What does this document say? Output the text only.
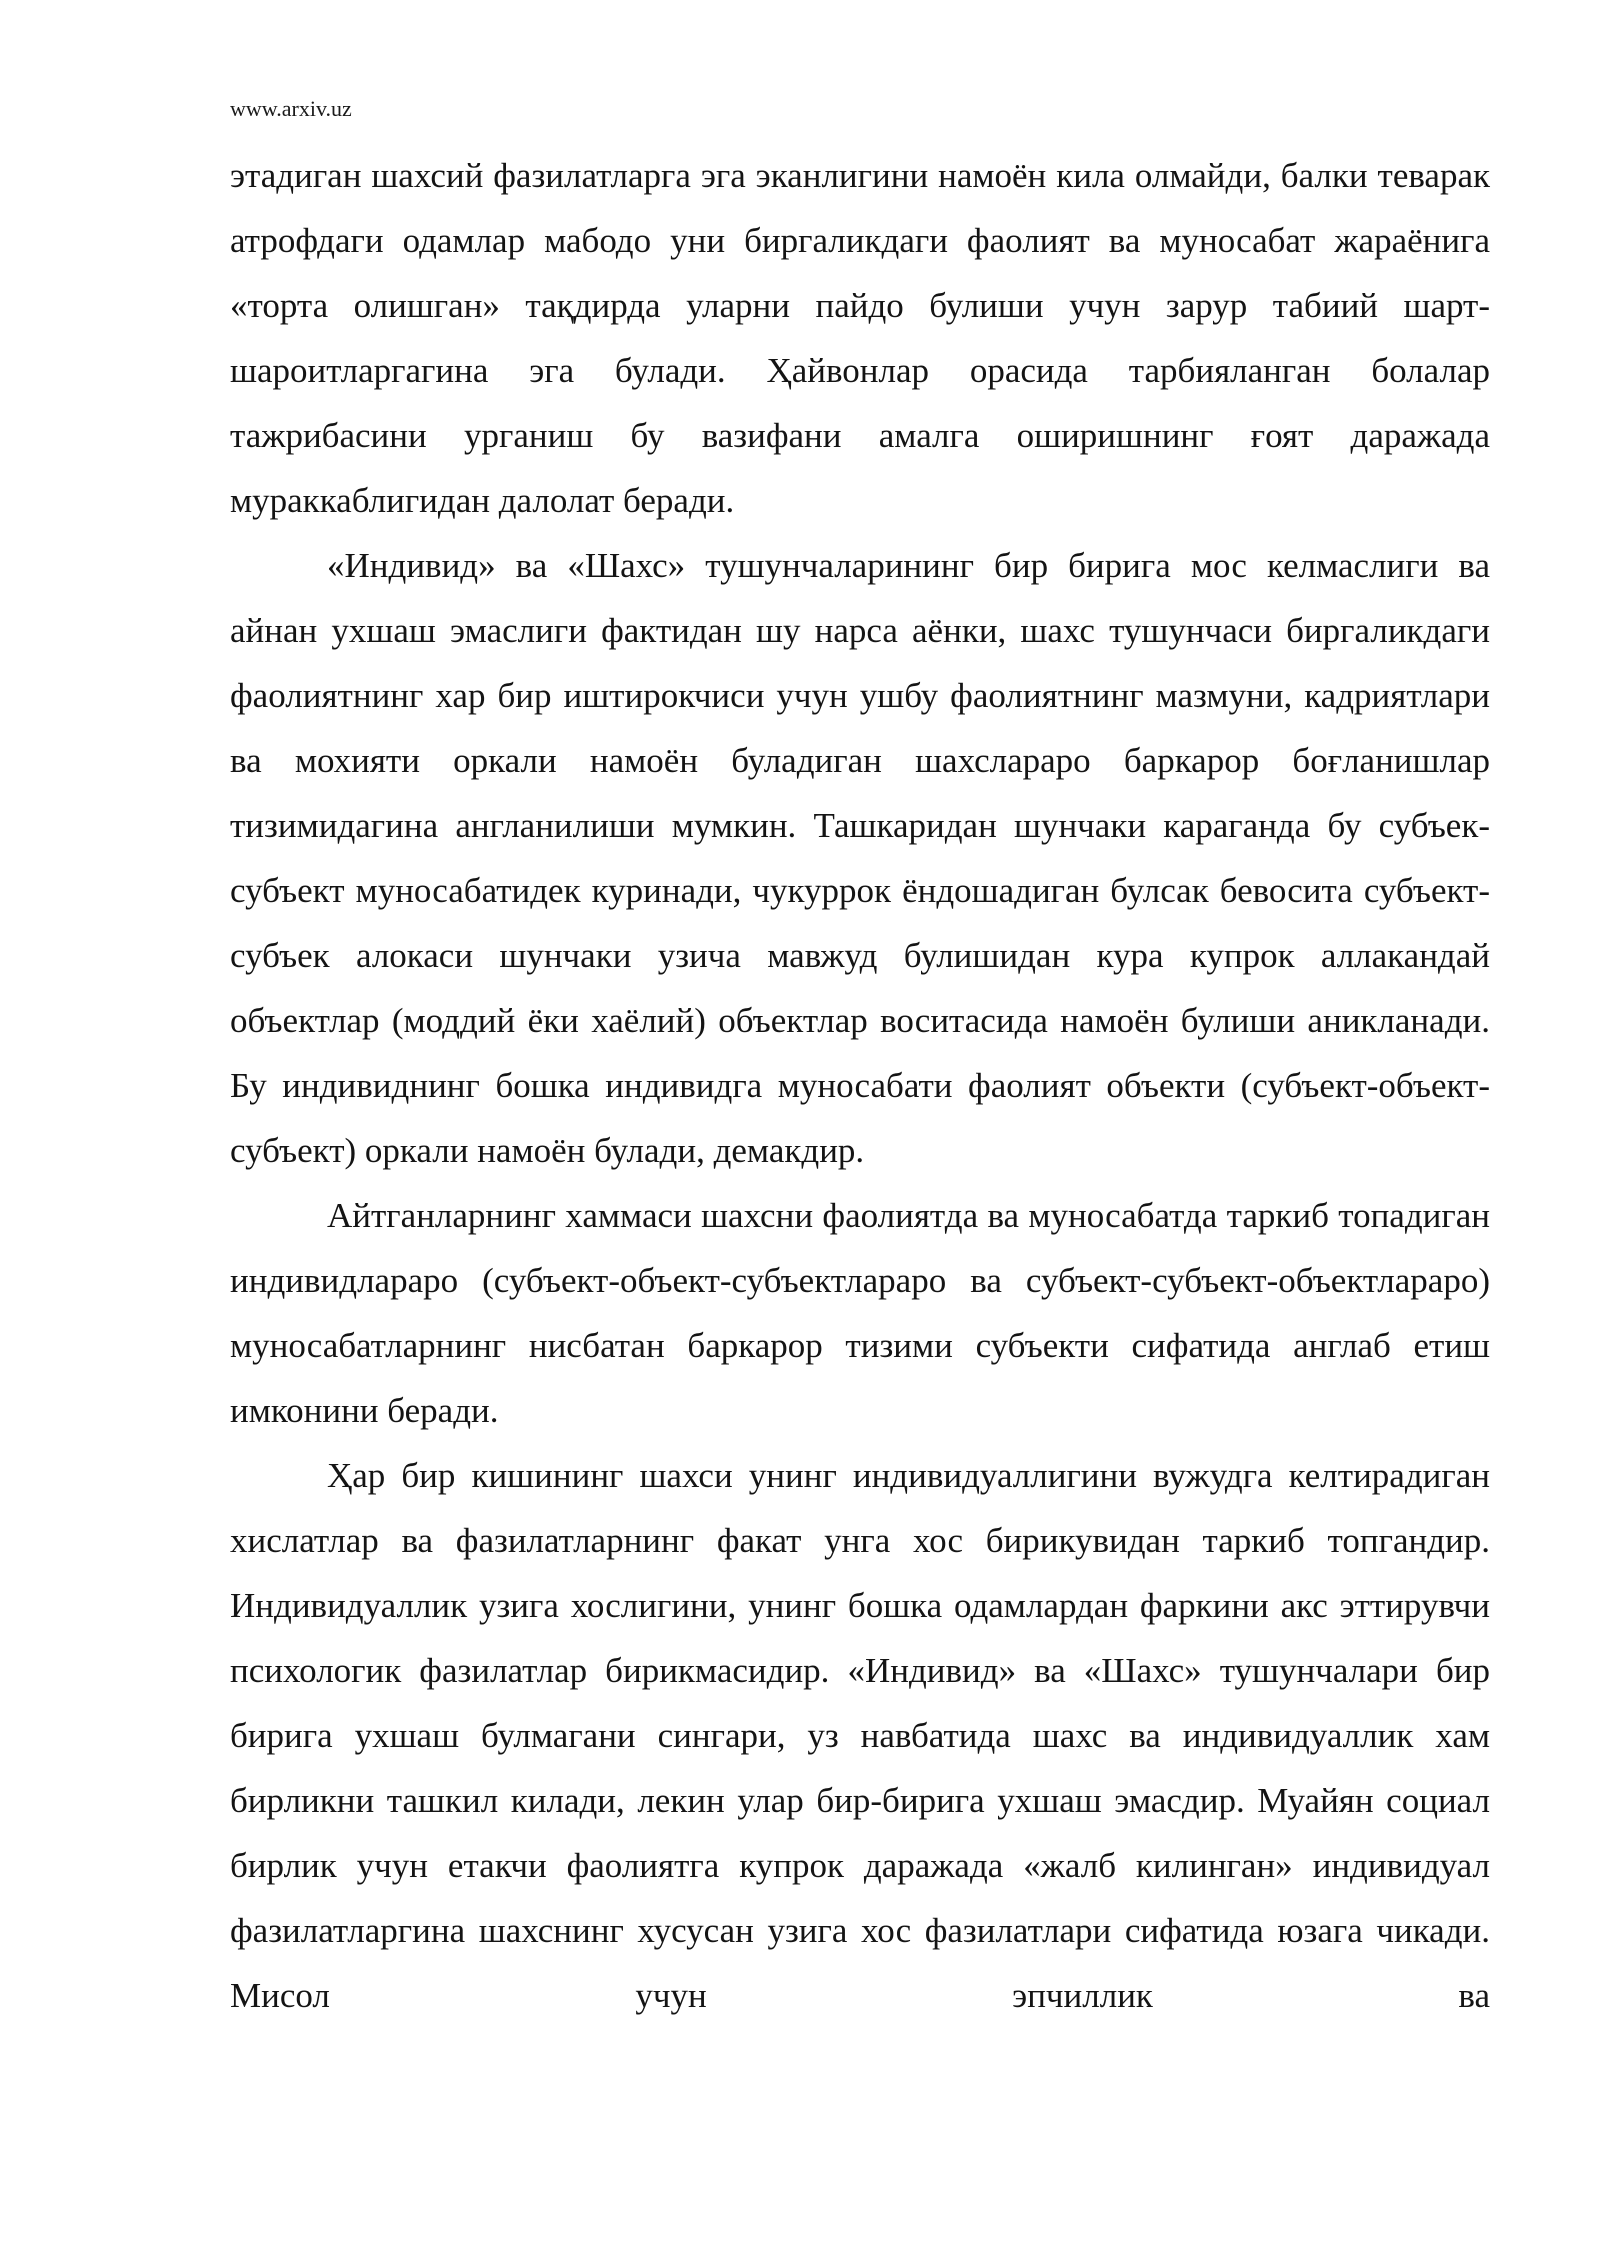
www.arxiv.uz

этадиган шахсий фазилатларга эга эканлигини намоён кила олмайди, балки теварак атрофдаги одамлар мабодо уни биргаликдаги фаолият ва муносабат жараёнига «торта олишган» тақдирда уларни пайдо булиши учун зарур табиий шарт-шароитларгагина эга булади. Ҳайвонлар орасида тарбияланган болалар тажрибасини урганиш бу вазифани амалга оширишнинг ғоят даражада мураккаблигидан далолат беради.

«Индивид» ва «Шахс» тушунчаларининг бир бирига мос келмаслиги ва айнан ухшаш эмаслиги фактидан шу нарса аёнки, шахс тушунчаси биргаликдаги фаолиятнинг хар бир иштирокчиси учун ушбу фаолиятнинг мазмуни, кадриятлари ва мохияти оркали намоён буладиган шахслараро баркарор боғланишлар тизимидагина англанилиши мумкин. Ташкаридан шунчаки караганда бу субъек-субъект муносабатидек куринади, чукуррок ёндошадиган булсак бевосита субъект-субъек алокаси шунчаки узича мавжуд булишидан кура купрок аллакандай объектлар (моддий ёки хаёлий) объектлар воситасида намоён булиши аникланади. Бу индивиднинг бошка индивидга муносабати фаолият объекти (субъект-объект-субъект) оркали намоён булади, демакдир.

Айтганларнинг хаммаси шахсни фаолиятда ва муносабатда таркиб топадиган индивидлараро (субъект-объект-субъектлараро ва субъект-субъект-объектлараро) муносабатларнинг нисбатан баркарор тизими субъекти сифатида англаб етиш имконини беради.

Ҳар бир кишининг шахси унинг индивидуаллигини вужудга келтирадиган хислатлар ва фазилатларнинг факат унга хос бирикувидан таркиб топгандир. Индивидуаллик узига хослигини, унинг бошка одамлардан фаркини акс эттирувчи психологик фазилатлар бирикмасидир. «Индивид» ва «Шахс» тушунчалари бир бирига ухшаш булмагани сингари, уз навбатида шахс ва индивидуаллик хам бирликни ташкил килади, лекин улар бир-бирига ухшаш эмасдир. Муайян социал бирлик учун етакчи фаолиятга купрок даражада «жалб килинган» индивидуал фазилатларгина шахснинг хусусан узига хос фазилатлари сифатида юзага чикади. Мисол учун эпчиллик ва
